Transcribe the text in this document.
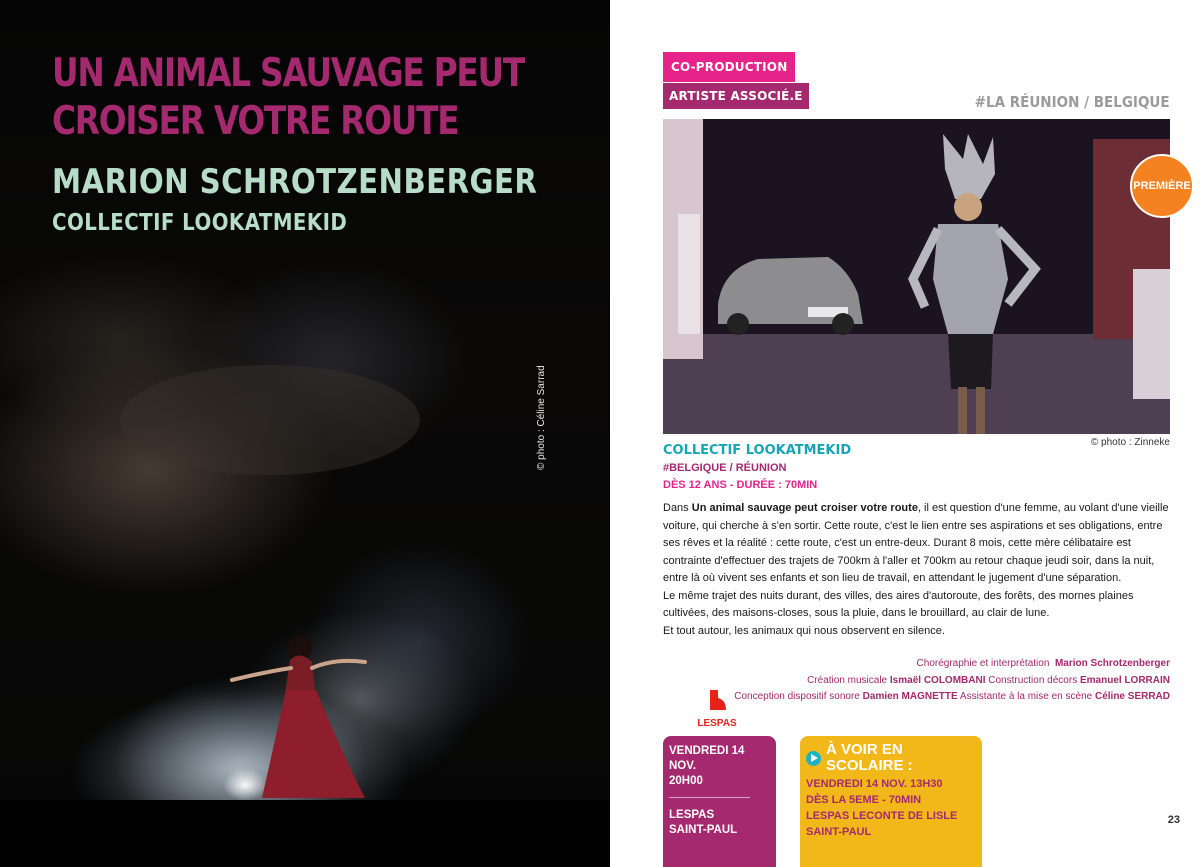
UN ANIMAL SAUVAGE PEUT
CROISER VOTRE ROUTE
MARION SCHROTZENBERGER
COLLECTIF LOOKATMEKID
© photo : Céline Sarrad
CO-PRODUCTION
ARTISTE ASSOCIÉ.E	#LA RÉUNION / BELGIQUE
PREMIÈRE
© photo : Zinneke
COLLECTIF LOOKATMEKID
#BELGIQUE / RÉUNION
DÈS 12 ANS - DURÉE : 70MIN

Dans Un animal sauvage peut croiser votre route, il est question d'une femme, au volant d'une vieille voiture, qui cherche à s'en sortir. Cette route, c'est le lien entre ses aspirations et ses obligations, entre ses rêves et la réalité : cette route, c'est un entre-deux. Durant 8 mois, cette mère célibataire est contrainte d'effectuer des trajets de 700km à l'aller et 700km au retour chaque jeudi soir, dans la nuit, entre là où vivent ses enfants et son lieu de travail, en attendant le jugement d'une séparation.

Le même trajet des nuits durant, des villes, des aires d'autoroute, des forêts, des mornes plaines cultivées, des maisons-closes, sous la pluie, dans le brouillard, au clair de lune.

Et tout autour, les animaux qui nous observent en silence.

Chorégraphie et interprétation Marion Schrotzenberger
Création musicale Ismaël COLOMBANI Construction décors Emanuel LORRAIN
Conception dispositif sonore Damien MAGNETTE Assistante à la mise en scène Céline SERRAD
LESPAS
VENDREDI 14 NOV.
20H00
LESPAS
SAINT-PAUL
À VOIR EN SCOLAIRE :
VENDREDI 14 NOV. 13H30
DÈS LA 5EME - 70MIN
LESPAS LECONTE DE LISLE
SAINT-PAUL
23
